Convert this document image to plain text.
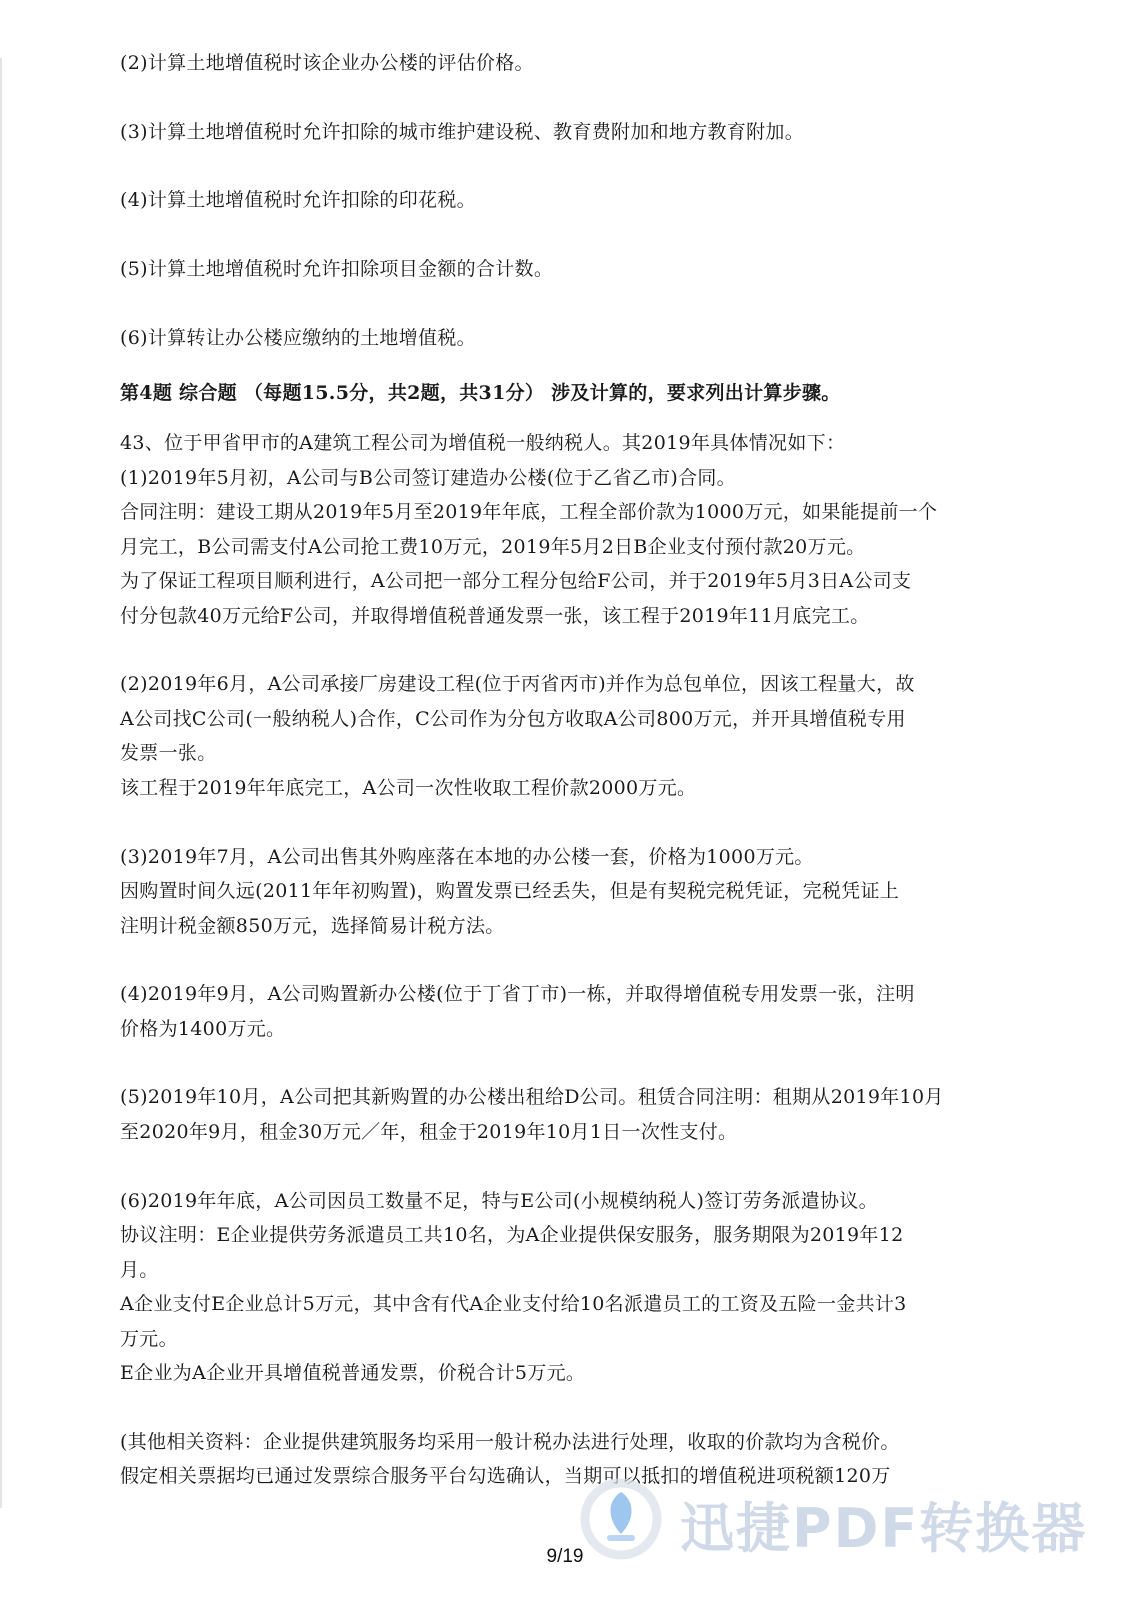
(2)计算土地增值税时该企业办公楼的评估价格。

(3)计算土地增值税时允许扣除的城市维护建设税、教育费附加和地方教育附加。

(4)计算土地增值税时允许扣除的印花税。

(5)计算土地增值税时允许扣除项目金额的合计数。

(6)计算转让办公楼应缴纳的土地增值税。

第4题 综合题 （每题15.5分，共2题，共31分） 涉及计算的，要求列出计算步骤。

43、位于甲省甲市的A建筑工程公司为增值税一般纳税人。其2019年具体情况如下：

(1)2019年5月初，A公司与B公司签订建造办公楼(位于乙省乙市)合同。

合同注明：建设工期从2019年5月至2019年年底，工程全部价款为1000万元，如果能提前一个

月完工，B公司需支付A公司抢工费10万元，2019年5月2日B企业支付预付款20万元。

为了保证工程项目顺利进行，A公司把一部分工程分包给F公司，并于2019年5月3日A公司支

付分包款40万元给F公司，并取得增值税普通发票一张，该工程于2019年11月底完工。

(2)2019年6月，A公司承接厂房建设工程(位于丙省丙市)并作为总包单位，因该工程量大，故

A公司找C公司(一般纳税人)合作，C公司作为分包方收取A公司800万元，并开具增值税专用

发票一张。

该工程于2019年年底完工，A公司一次性收取工程价款2000万元。

(3)2019年7月，A公司出售其外购座落在本地的办公楼一套，价格为1000万元。

因购置时间久远(2011年年初购置)，购置发票已经丢失，但是有契税完税凭证，完税凭证上

注明计税金额850万元，选择简易计税方法。

(4)2019年9月，A公司购置新办公楼(位于丁省丁市)一栋，并取得增值税专用发票一张，注明

价格为1400万元。

(5)2019年10月，A公司把其新购置的办公楼出租给D公司。租赁合同注明：租期从2019年10月

至2020年9月，租金30万元／年，租金于2019年10月1日一次性支付。

(6)2019年年底，A公司因员工数量不足，特与E公司(小规模纳税人)签订劳务派遣协议。

协议注明：E企业提供劳务派遣员工共10名，为A企业提供保安服务，服务期限为2019年12

月。

A企业支付E企业总计5万元，其中含有代A企业支付给10名派遣员工的工资及五险一金共计3

万元。

E企业为A企业开具增值税普通发票，价税合计5万元。

(其他相关资料：企业提供建筑服务均采用一般计税办法进行处理，收取的价款均为含税价。

假定相关票据均已通过发票综合服务平台勾选确认，当期可以抵扣的增值税进项税额120万

迅捷PDF转换器
9/19
